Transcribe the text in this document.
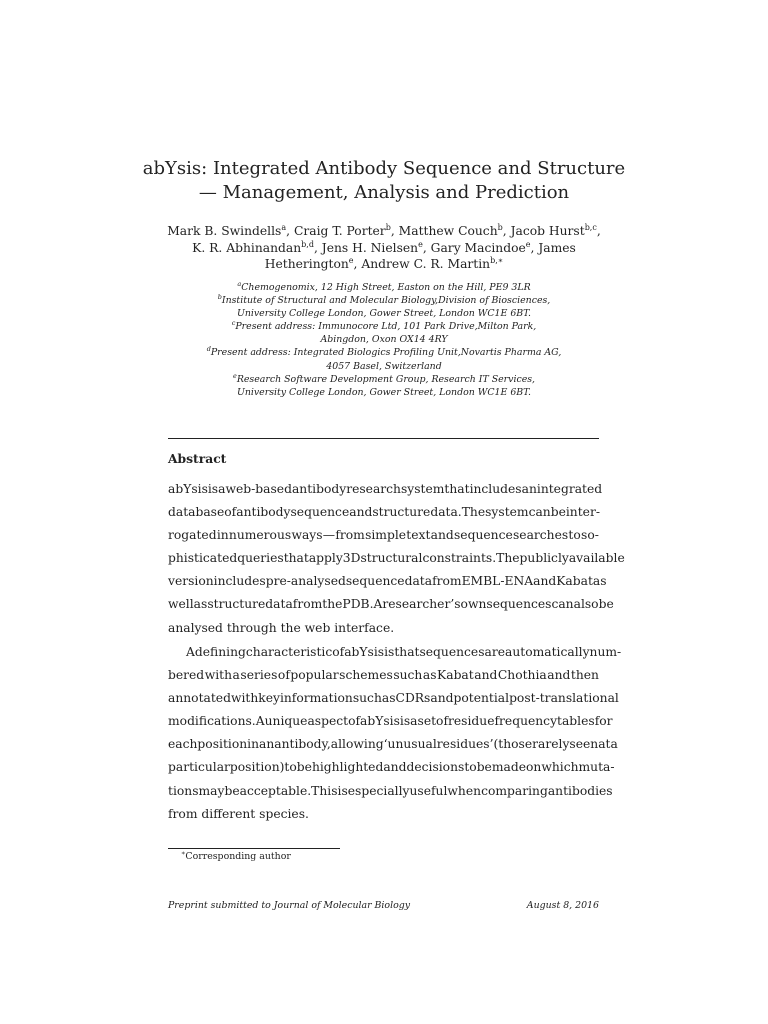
abYsis: Integrated Antibody Sequence and Structure
— Management, Analysis and Prediction
Mark B. Swindells$^a$, Craig T. Porter$^b$, Matthew Couch$^b$, Jacob Hurst$^{b,c}$,
K. R. Abhinandan$^{b,d}$, Jens H. Nielsen$^e$, Gary Macindoe$^e$, James
Hetherington$^e$, Andrew C. R. Martin$^{b,∗}$
$^a$Chemogenomix, 12 High Street, Easton on the Hill, PE9 3LR
$^b$Institute of Structural and Molecular Biology,Division of Biosciences,
University College London, Gower Street, London WC1E 6BT.
$^c$Present address: Immunocore Ltd, 101 Park Drive,Milton Park,
Abingdon, Oxon OX14 4RY
$^d$Present address: Integrated Biologics Profiling Unit,Novartis Pharma AG,
4057 Basel, Switzerland
$^e$Research Software Development Group, Research IT Services,
University College London, Gower Street, London WC1E 6BT.
Abstract
abYsis is a web-based antibody research system that includes an integrated
database of antibody sequence and structure data. The system can be inter-
rogated in numerous ways — from simple text and sequence searches to so-
phisticated queries that apply 3D structural constraints. The publicly available
version includes pre-analysed sequence data from EMBL-ENA and Kabat as
well as structure data from the PDB. A researcher’s own sequences can also be
analysed through the web interface.
A defining characteristic of abYsis is that sequences are automatically num-
bered with a series of popular schemes such as Kabat and Chothia and then
annotated with key information such as CDRs and potential post-translational
modifications. A unique aspect of abYsis is a set of residue frequency tables for
each position in an antibody, allowing ‘unusual residues’ (those rarely seen at a
particular position) to be highlighted and decisions to be made on which muta-
tions may be acceptable. This is especially useful when comparing antibodies
from different species.
∗Corresponding author
Preprint submitted to Journal of Molecular Biology	August 8, 2016
